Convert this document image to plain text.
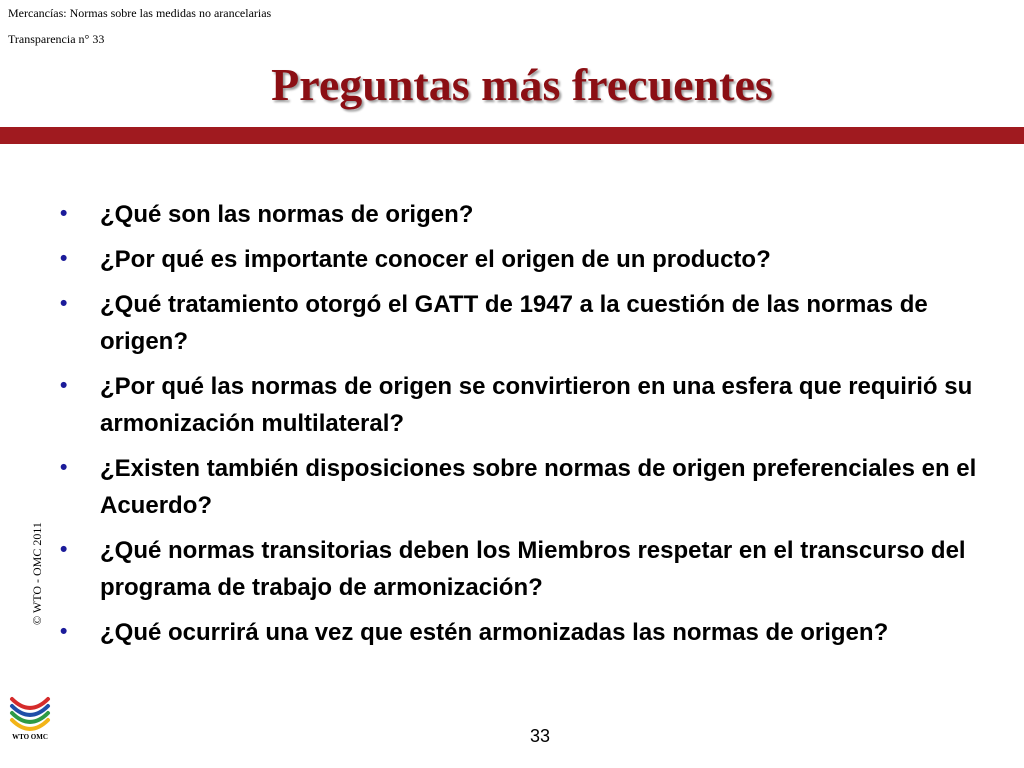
Mercancías: Normas sobre las medidas no arancelarias
Transparencia n° 33
Preguntas más frecuentes
• ¿Qué son las normas de origen?
• ¿Por qué es importante conocer el origen de un producto?
• ¿Qué tratamiento otorgó el GATT de 1947 a la cuestión de las normas de origen?
• ¿Por qué las normas de origen se convirtieron en una esfera que requirió su armonización multilateral?
• ¿Existen también disposiciones sobre normas de origen preferenciales en el Acuerdo?
• ¿Qué normas transitorias deben los Miembros respetar en el transcurso del programa de trabajo de armonización?
• ¿Qué ocurrirá una vez que estén armonizadas las normas de origen?
© WTO - OMC 2011
WTO OMC	33
